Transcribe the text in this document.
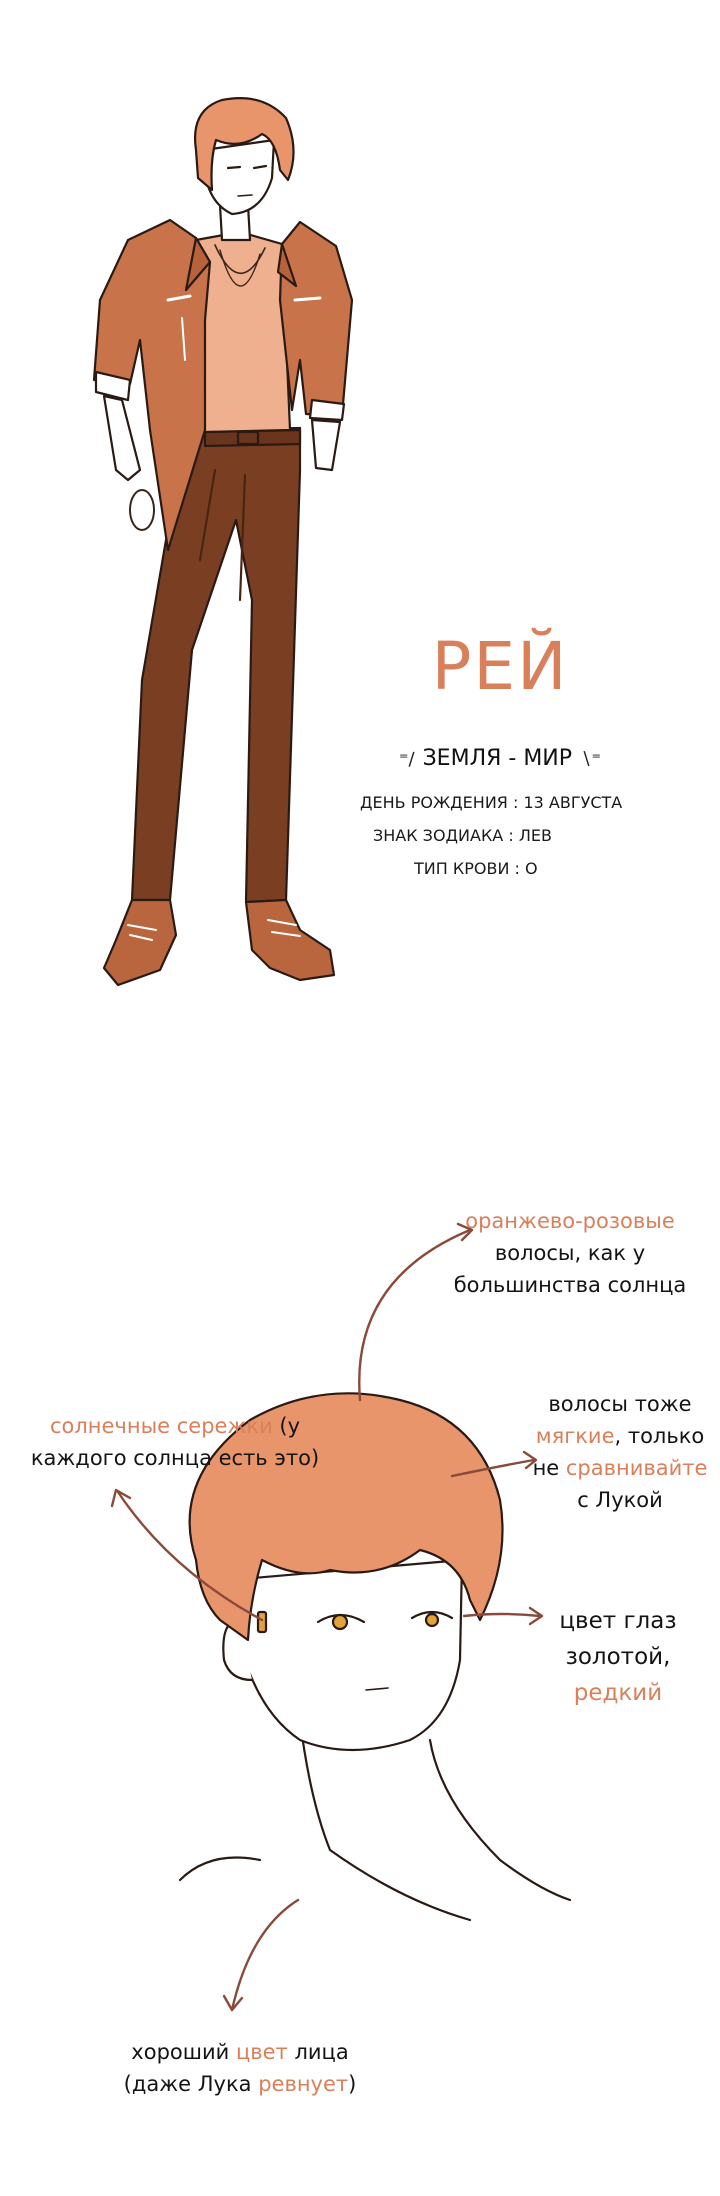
РЕЙ
⁼∕ ЗЕМЛЯ - МИР ∖⁼
ДЕНЬ РОЖДЕНИЯ : 13 АВГУСТА
ЗНАК ЗОДИАКА : ЛЕВ
ТИП КРОВИ : О
оранжево-розовые
волосы, как у
большинства солнца
солнечные сережки (у
каждого солнца есть это)
волосы тоже
мягкие, только
не сравнивайте
с Лукой
цвет глаз
золотой,
редкий
хороший цвет лица
(даже Лука ревнует)
